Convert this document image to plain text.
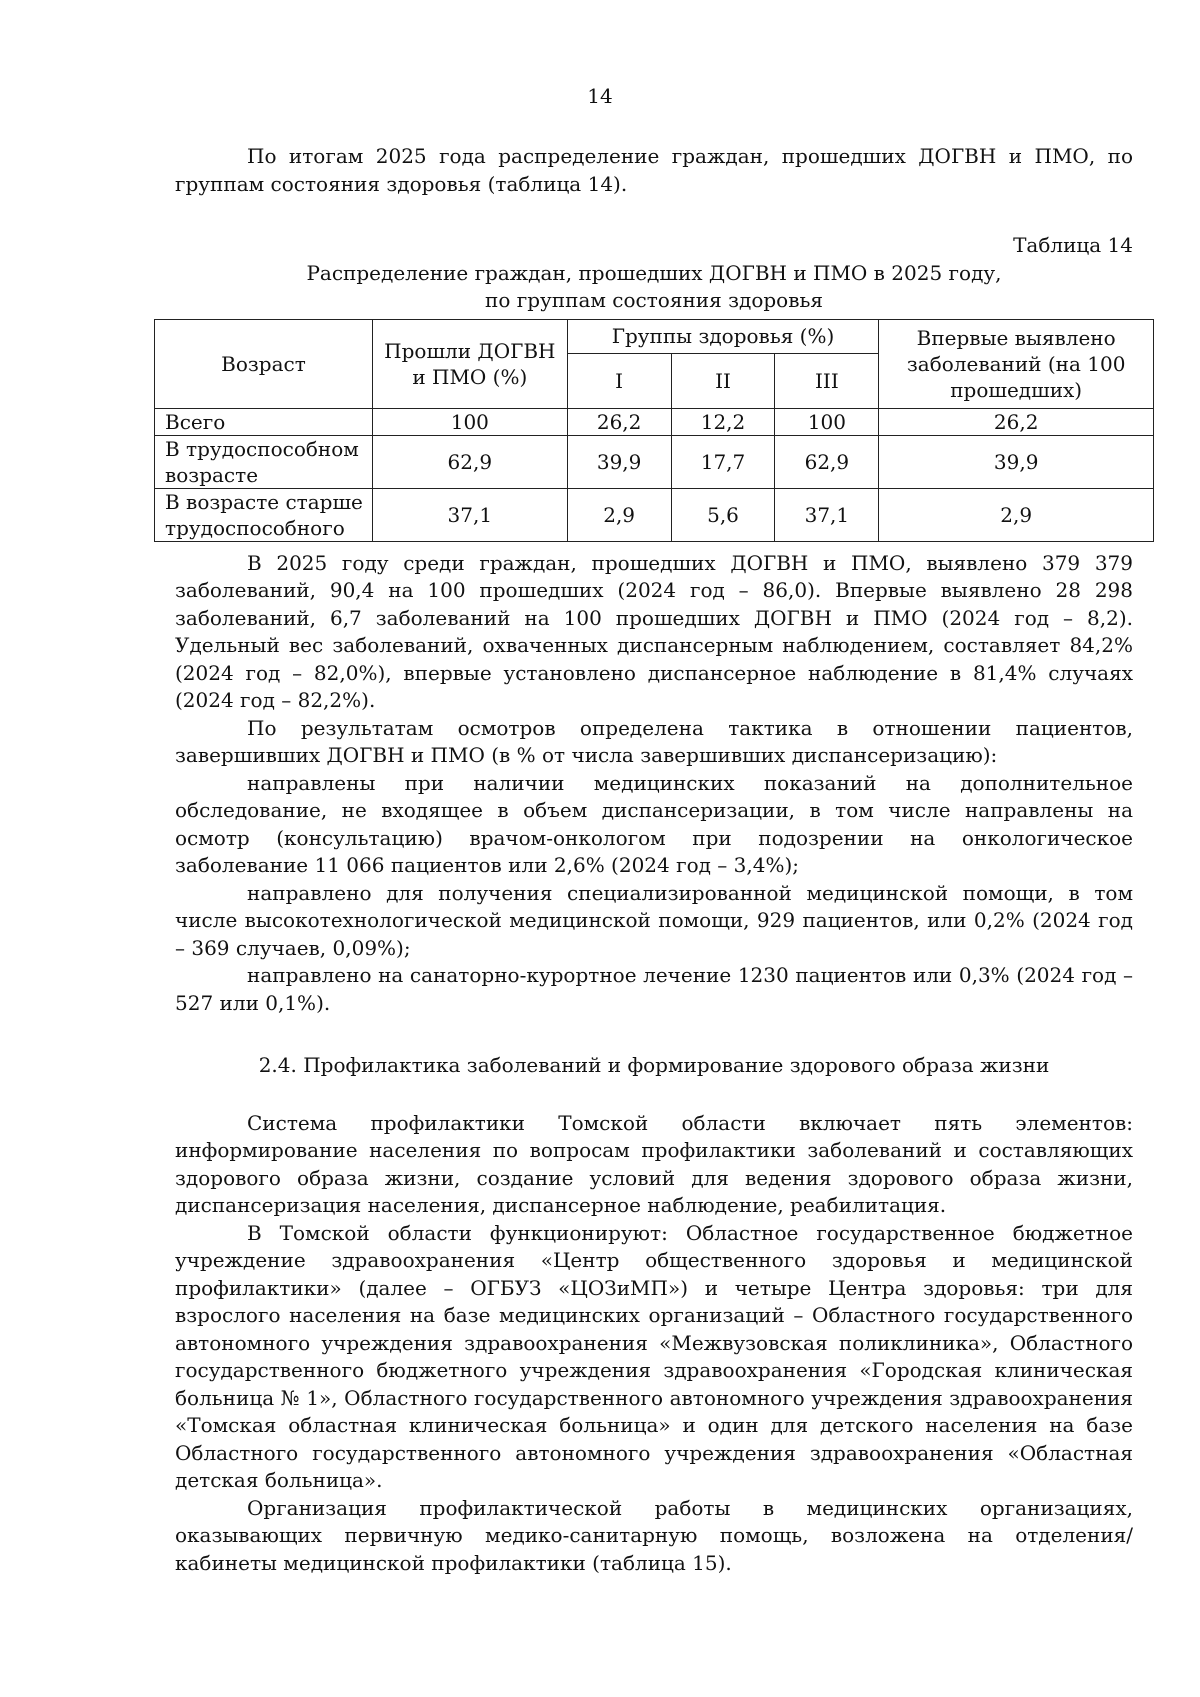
14

По итогам 2025 года распределение граждан, прошедших ДОГВН и ПМО, по группам состояния здоровья (таблица 14).

Таблица 14
Распределение граждан, прошедших ДОГВН и ПМО в 2025 году,
по группам состояния здоровья
Возраст	Прошли ДОГВН и ПМО (%)	Группы здоровья (%)			Впервые выявлено заболеваний (на 100 прошедших)
		I	II	III	
Всего	100	26,2	12,2	100	26,2
В трудоспособном возрасте	62,9	39,9	17,7	62,9	39,9
В возрасте старше трудоспособного	37,1	2,9	5,6	37,1	2,9

В 2025 году среди граждан, прошедших ДОГВН и ПМО, выявлено 379 379 заболеваний, 90,4 на 100 прошедших (2024 год – 86,0). Впервые выявлено 28 298 заболеваний, 6,7 заболеваний на 100 прошедших ДОГВН и ПМО (2024 год – 8,2). Удельный вес заболеваний, охваченных диспансерным наблюдением, составляет 84,2% (2024 год – 82,0%), впервые установлено диспансерное наблюдение в 81,4% случаях (2024 год – 82,2%).

По результатам осмотров определена тактика в отношении пациентов, завершивших ДОГВН и ПМО (в % от числа завершивших диспансеризацию):

направлены при наличии медицинских показаний на дополнительное обследование, не входящее в объем диспансеризации, в том числе направлены на осмотр (консультацию) врачом-онкологом при подозрении на онкологическое заболевание 11 066 пациентов или 2,6% (2024 год – 3,4%);

направлено для получения специализированной медицинской помощи, в том числе высокотехнологической медицинской помощи, 929 пациентов, или 0,2% (2024 год – 369 случаев, 0,09%);

направлено на санаторно-курортное лечение 1230 пациентов или 0,3% (2024 год – 527 или 0,1%).

2.4. Профилактика заболеваний и формирование здорового образа жизни

Система профилактики Томской области включает пять элементов: информирование населения по вопросам профилактики заболеваний и составляющих здорового образа жизни, создание условий для ведения здорового образа жизни, диспансеризация населения, диспансерное наблюдение, реабилитация.

В Томской области функционируют: Областное государственное бюджетное учреждение здравоохранения «Центр общественного здоровья и медицинской профилактики» (далее – ОГБУЗ «ЦОЗиМП») и четыре Центра здоровья: три для взрослого населения на базе медицинских организаций – Областного государственного автономного учреждения здравоохранения «Межвузовская поликлиника», Областного государственного бюджетного учреждения здравоохранения «Городская клиническая больница № 1», Областного государственного автономного учреждения здравоохранения «Томская областная клиническая больница» и один для детского населения на базе Областного государственного автономного учреждения здравоохранения «Областная детская больница».

Организация профилактической работы в медицинских организациях, оказывающих первичную медико-санитарную помощь, возложена на отделения/кабинеты медицинской профилактики (таблица 15).
